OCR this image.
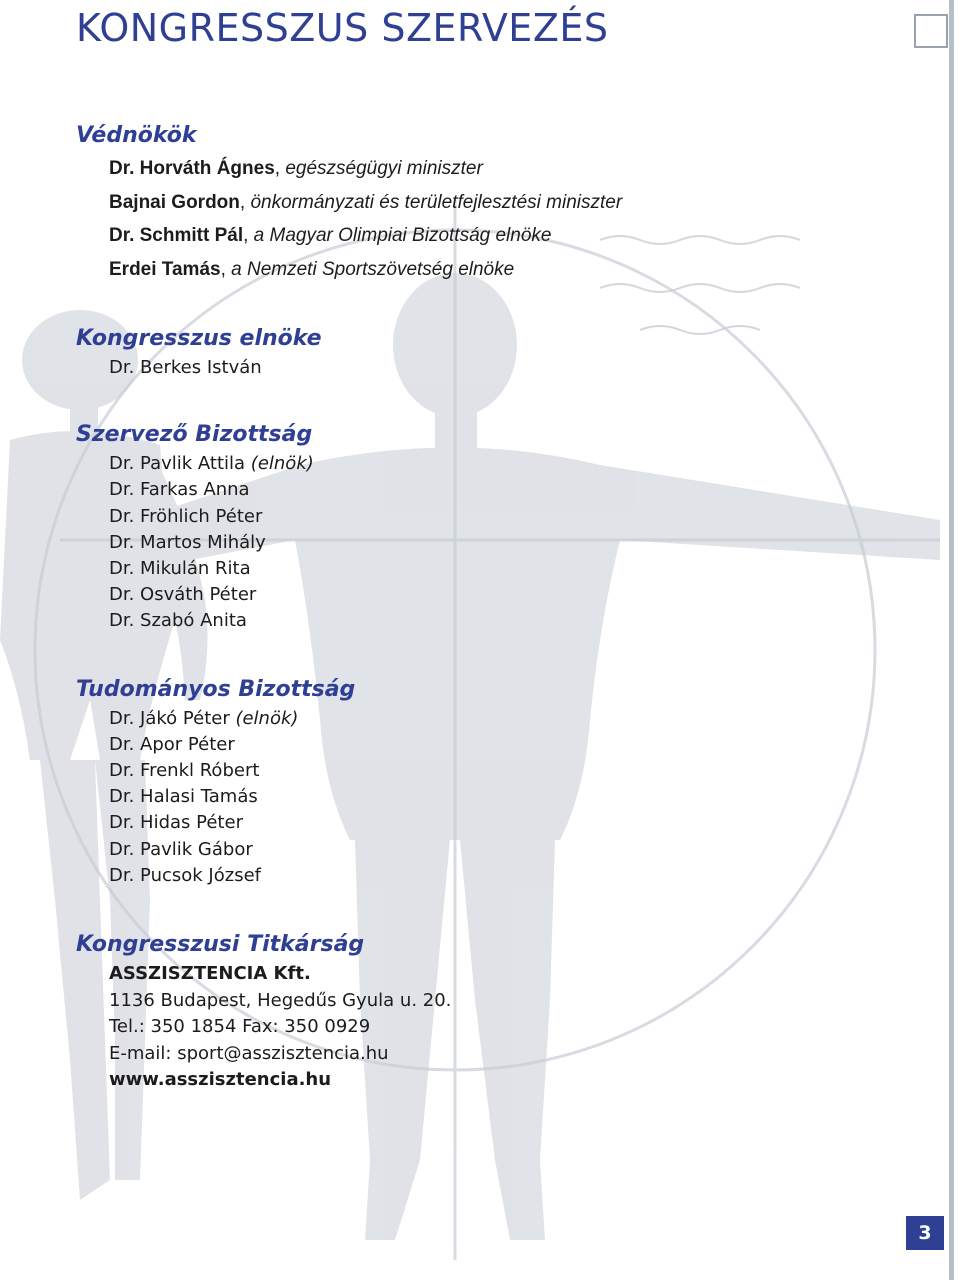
KONGRESSZUS SZERVEZÉS
Védnökök
Dr. Horváth Ágnes, egészségügyi miniszter
Bajnai Gordon, önkormányzati és területfejlesztési miniszter
Dr. Schmitt Pál, a Magyar Olimpiai Bizottság elnöke
Erdei Tamás, a Nemzeti Sportszövetség elnöke
Kongresszus elnöke
Dr. Berkes István
Szervező Bizottság
Dr. Pavlik Attila (elnök)
Dr. Farkas Anna
Dr. Fröhlich Péter
Dr. Martos Mihály
Dr. Mikulán Rita
Dr. Osváth Péter
Dr. Szabó Anita
Tudományos Bizottság
Dr. Jákó Péter (elnök)
Dr. Apor Péter
Dr. Frenkl Róbert
Dr. Halasi Tamás
Dr. Hidas Péter
Dr. Pavlik Gábor
Dr. Pucsok József
Kongresszusi Titkárság
ASSZISZTENCIA Kft.
1136 Budapest, Hegedűs Gyula u. 20.
Tel.: 350 1854 Fax: 350 0929
E-mail: sport@asszisztencia.hu
www.asszisztencia.hu
3
